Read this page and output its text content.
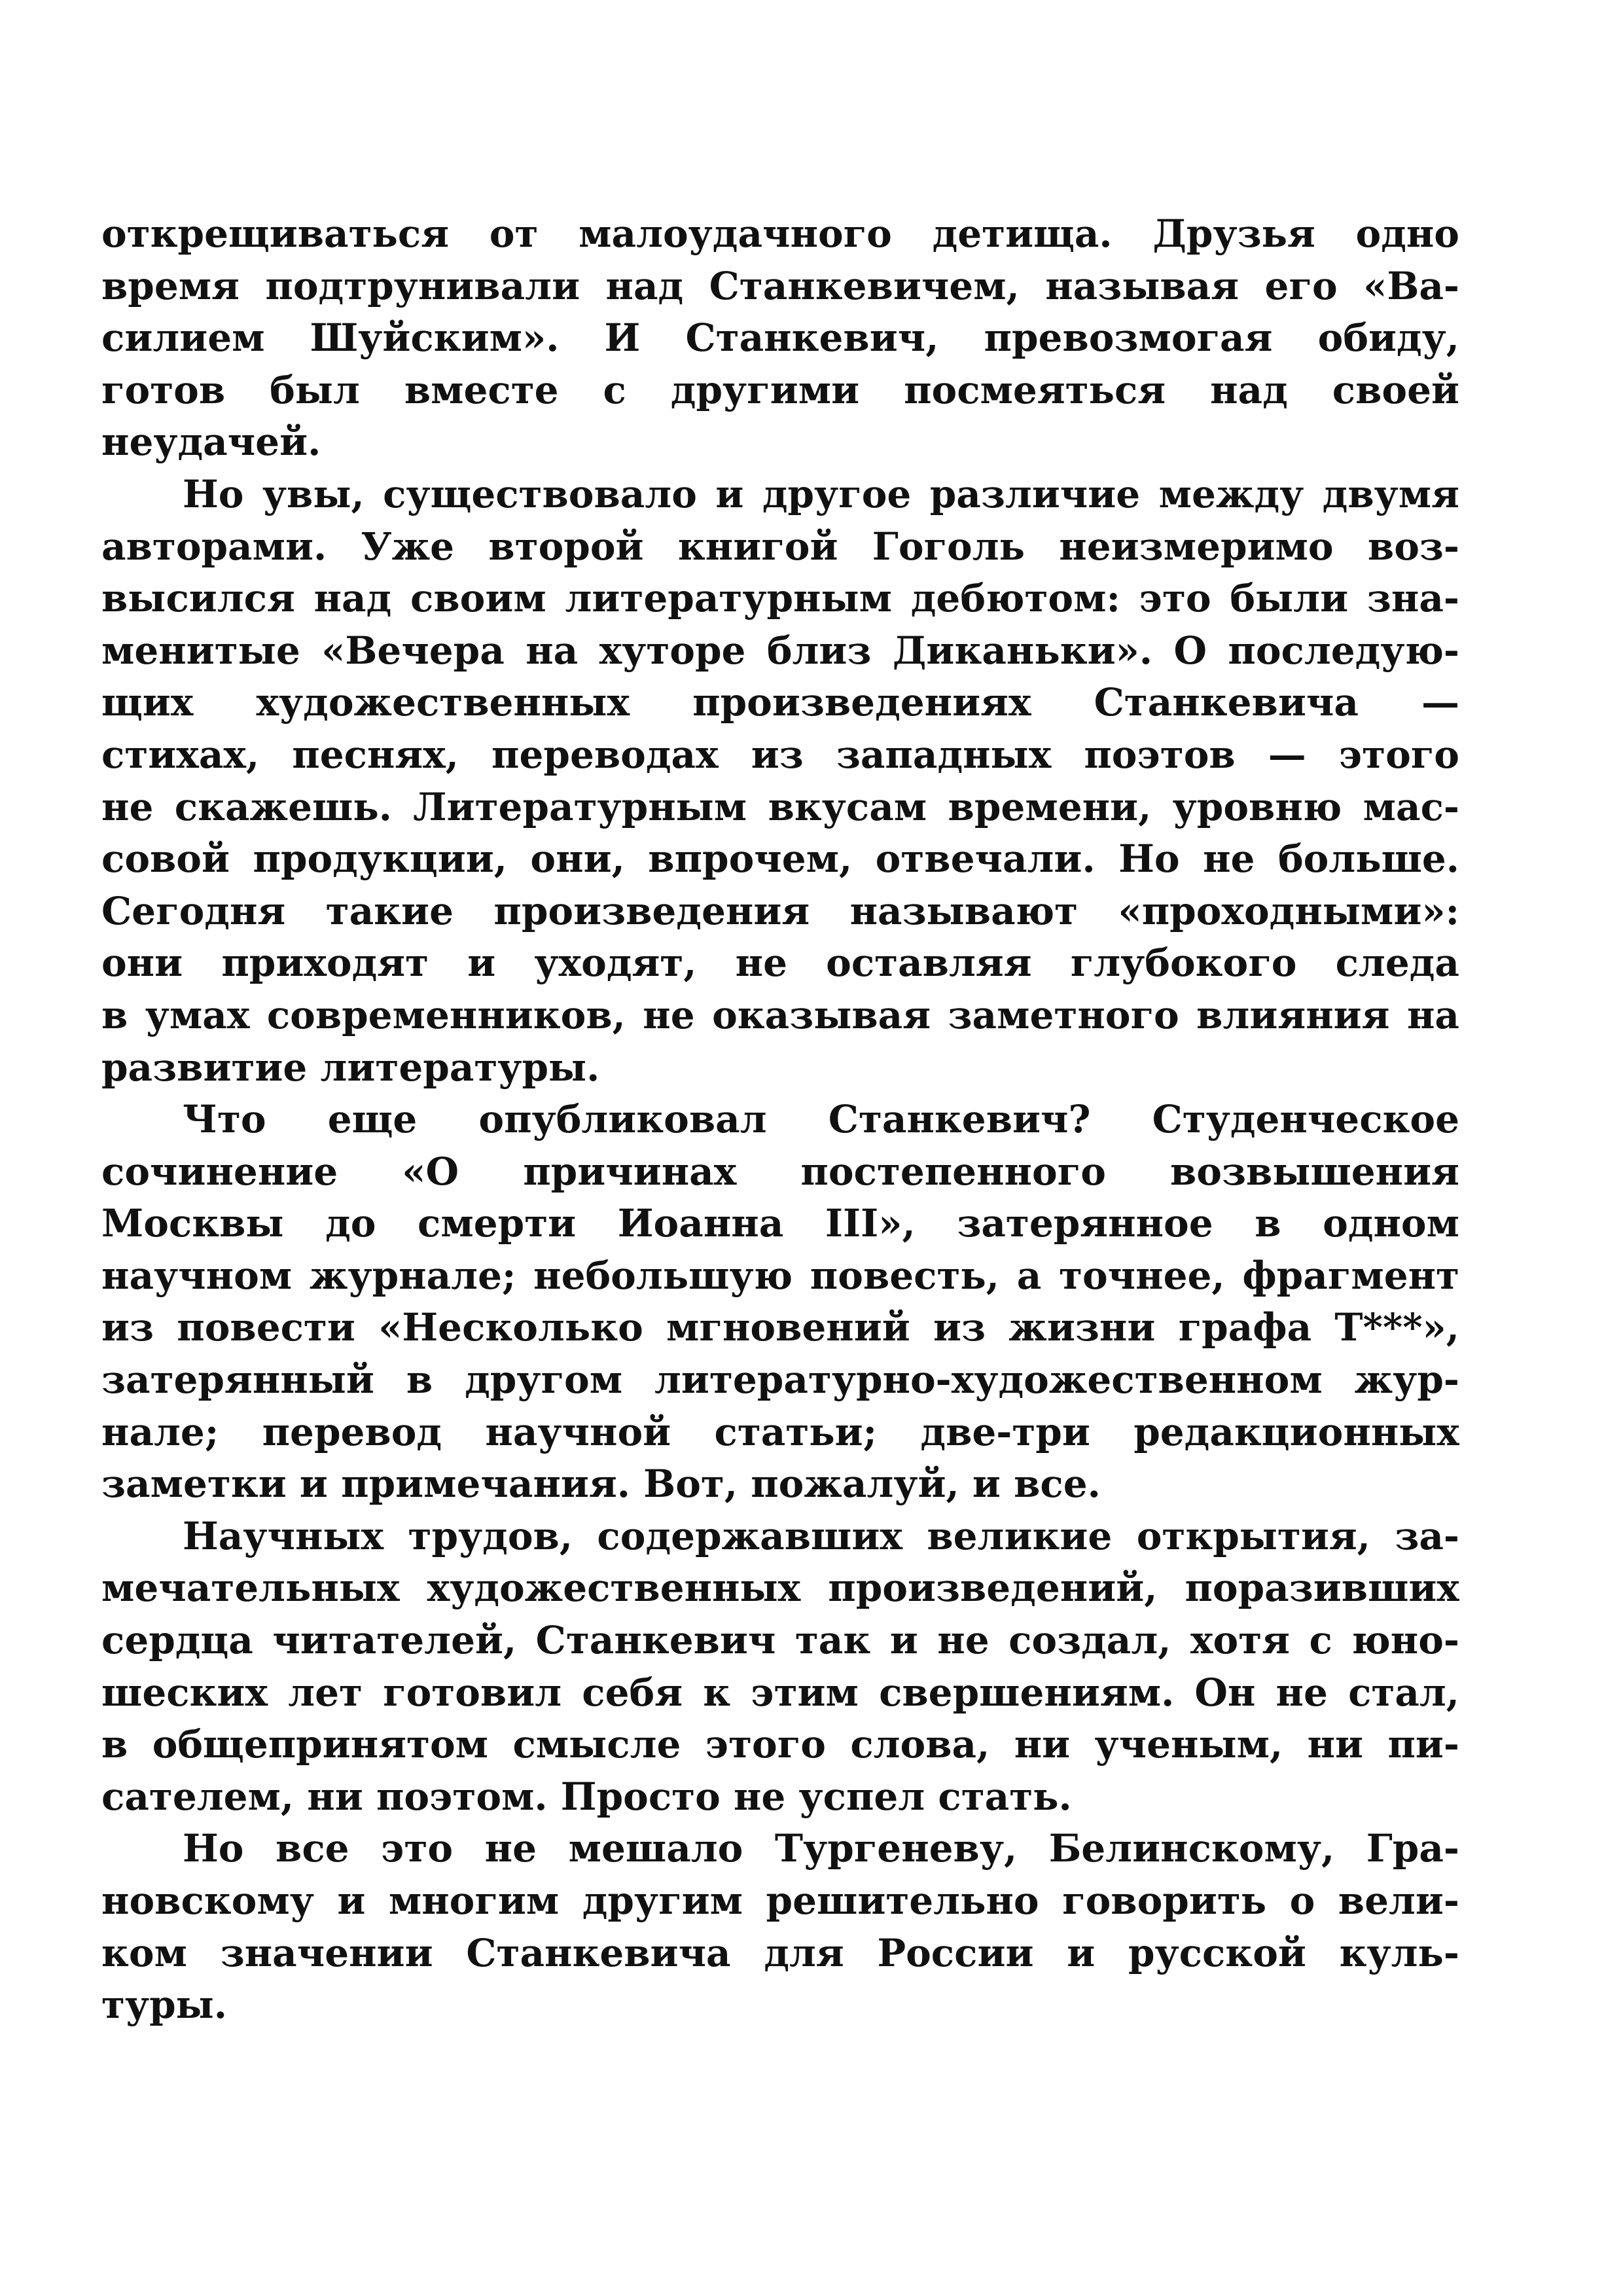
открещиваться от малоудачного детища. Друзья одно
время подтрунивали над Станкевичем, называя его «Ва-
силием Шуйским». И Станкевич, превозмогая обиду,
готов был вместе с другими посмеяться над своей
неудачей.
Но увы, существовало и другое различие между двумя
авторами. Уже второй книгой Гоголь неизмеримо воз-
высился над своим литературным дебютом: это были зна-
менитые «Вечера на хуторе близ Диканьки». О последую-
щих художественных произведениях Станкевича —
стихах, песнях, переводах из западных поэтов — этого
не скажешь. Литературным вкусам времени, уровню мас-
совой продукции, они, впрочем, отвечали. Но не больше.
Сегодня такие произведения называют «проходными»:
они приходят и уходят, не оставляя глубокого следа
в умах современников, не оказывая заметного влияния на
развитие литературы.
Что еще опубликовал Станкевич? Студенческое
сочинение «О причинах постепенного возвышения
Москвы до смерти Иоанна III», затерянное в одном
научном журнале; небольшую повесть, а точнее, фрагмент
из повести «Несколько мгновений из жизни графа Т***»,
затерянный в другом литературно-художественном жур-
нале; перевод научной статьи; две-три редакционных
заметки и примечания. Вот, пожалуй, и все.
Научных трудов, содержавших великие открытия, за-
мечательных художественных произведений, поразивших
сердца читателей, Станкевич так и не создал, хотя с юно-
шеских лет готовил себя к этим свершениям. Он не стал,
в общепринятом смысле этого слова, ни ученым, ни пи-
сателем, ни поэтом. Просто не успел стать.
Но все это не мешало Тургеневу, Белинскому, Гра-
новскому и многим другим решительно говорить о вели-
ком значении Станкевича для России и русской куль-
туры.
